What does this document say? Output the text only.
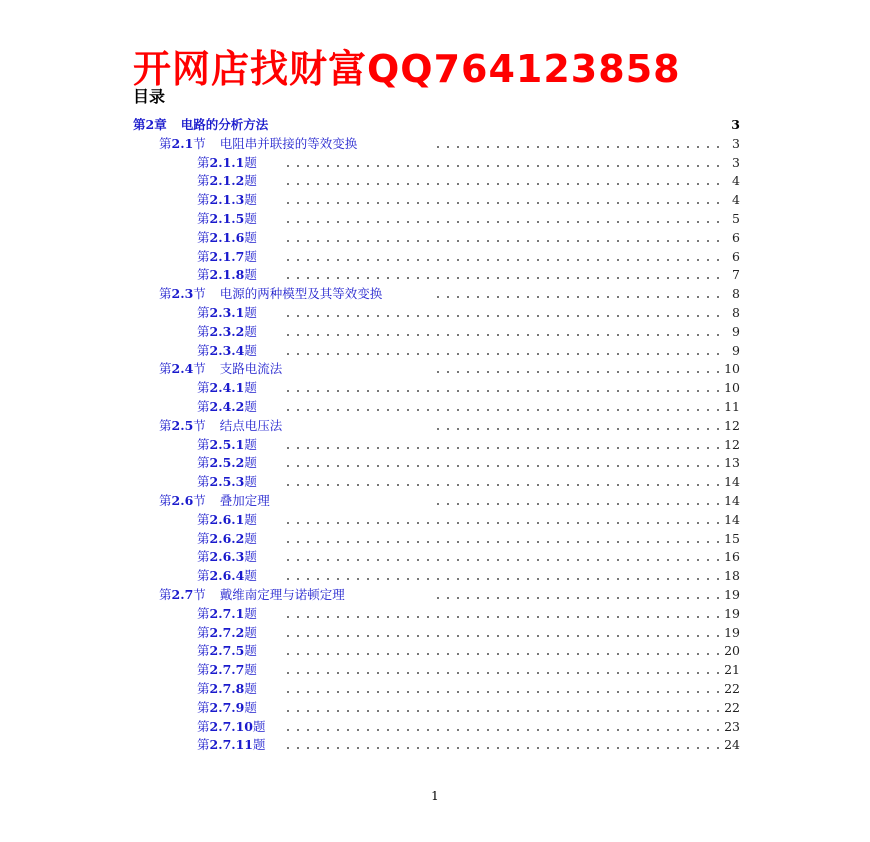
开网店找财富QQ764123858
目录
第2章 电路的分析方法	3
第2.1节 电阻串并联接的等效变换	3
第2.1.1题	3
第2.1.2题	4
第2.1.3题	4
第2.1.5题	5
第2.1.6题	6
第2.1.7题	6
第2.1.8题	7
第2.3节 电源的两种模型及其等效变换	8
第2.3.1题	8
第2.3.2题	9
第2.3.4题	9
第2.4节 支路电流法	10
第2.4.1题	10
第2.4.2题	11
第2.5节 结点电压法	12
第2.5.1题	12
第2.5.2题	13
第2.5.3题	14
第2.6节 叠加定理	14
第2.6.1题	14
第2.6.2题	15
第2.6.3题	16
第2.6.4题	18
第2.7节 戴维南定理与诺顿定理	19
第2.7.1题	19
第2.7.2题	19
第2.7.5题	20
第2.7.7题	21
第2.7.8题	22
第2.7.9题	22
第2.7.10题	23
第2.7.11题	24
1
